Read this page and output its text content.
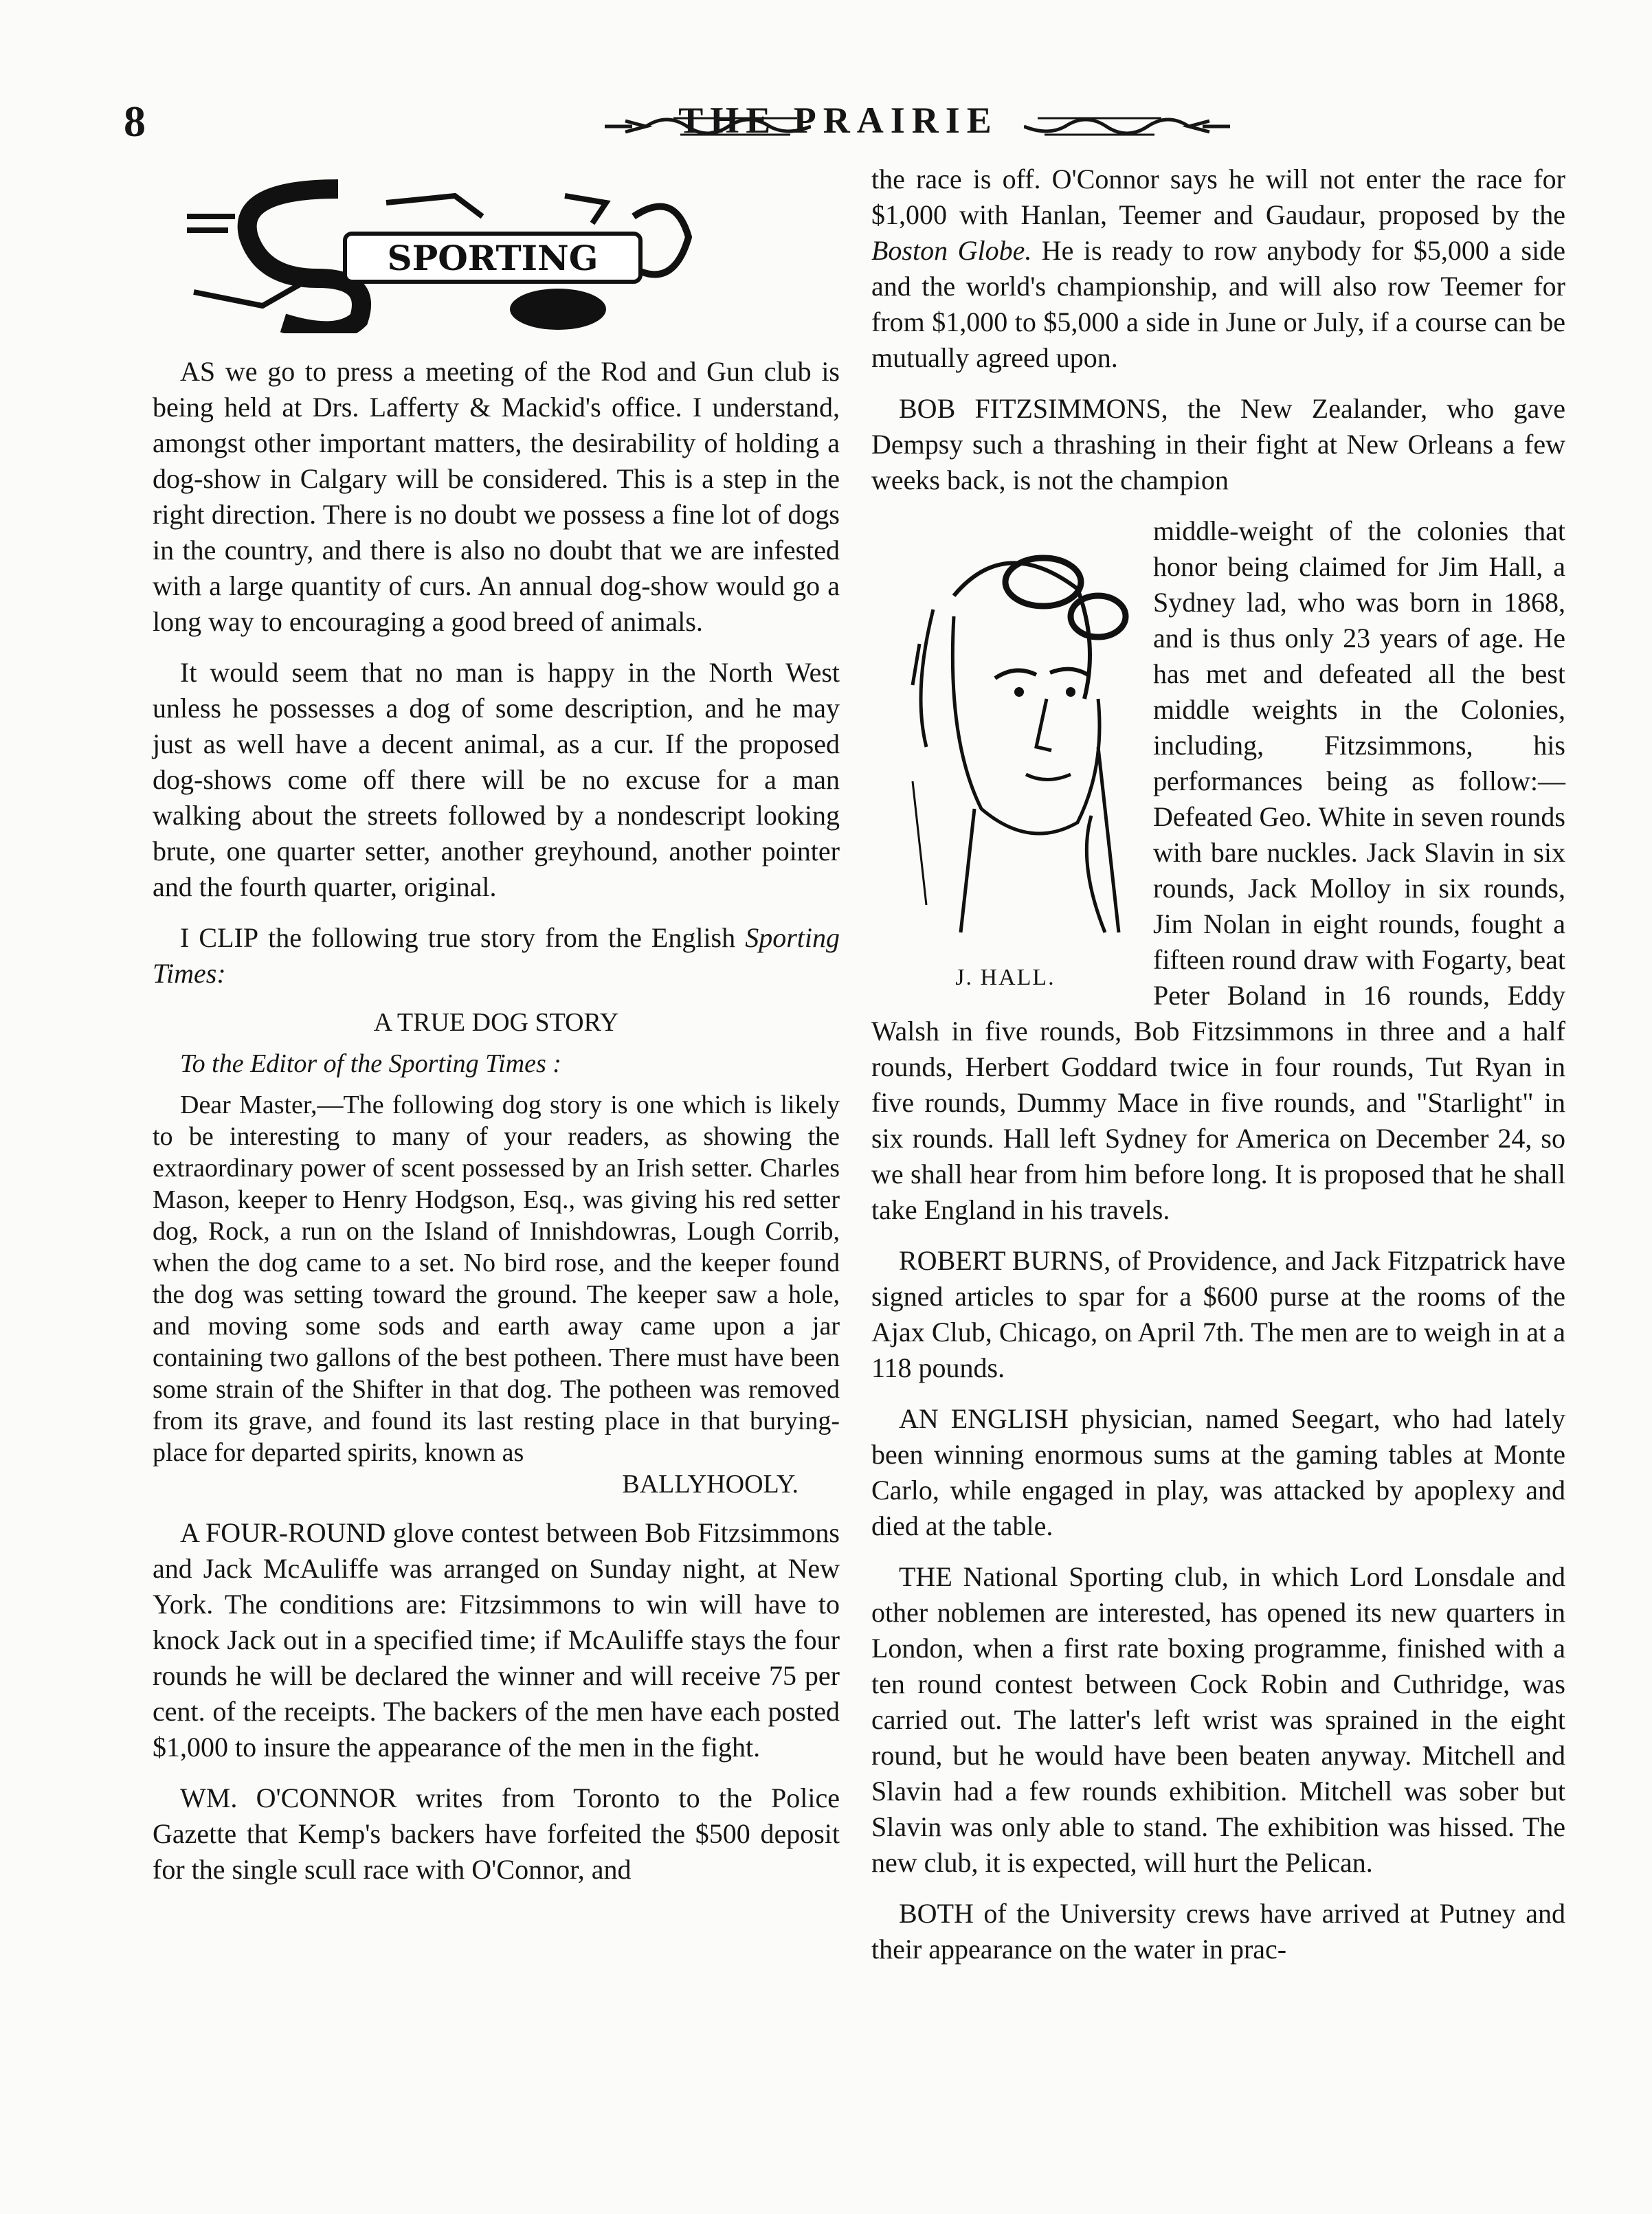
8	THE PRAIRIE
SPORTING

AS we go to press a meeting of the Rod and Gun club is being held at Drs. Lafferty & Mackid's office. I understand, amongst other important matters, the desirability of holding a dog-show in Calgary will be considered. This is a step in the right direction. There is no doubt we possess a fine lot of dogs in the country, and there is also no doubt that we are infested with a large quantity of curs. An annual dog-show would go a long way to encouraging a good breed of animals.

It would seem that no man is happy in the North West unless he possesses a dog of some description, and he may just as well have a decent animal, as a cur. If the proposed dog-shows come off there will be no excuse for a man walking about the streets followed by a nondescript looking brute, one quarter setter, another greyhound, another pointer and the fourth quarter, original.

I CLIP the following true story from the English Sporting Times:

A TRUE DOG STORY

To the Editor of the Sporting Times :

Dear Master,—The following dog story is one which is likely to be interesting to many of your readers, as showing the extraordinary power of scent possessed by an Irish setter. Charles Mason, keeper to Henry Hodgson, Esq., was giving his red setter dog, Rock, a run on the Island of Innishdowras, Lough Corrib, when the dog came to a set. No bird rose, and the keeper found the dog was setting toward the ground. The keeper saw a hole, and moving some sods and earth away came upon a jar containing two gallons of the best potheen. There must have been some strain of the Shifter in that dog. The potheen was removed from its grave, and found its last resting place in that burying-place for departed spirits, known as

BALLYHOOLY.

A FOUR-ROUND glove contest between Bob Fitzsimmons and Jack McAuliffe was arranged on Sunday night, at New York. The conditions are: Fitzsimmons to win will have to knock Jack out in a specified time; if McAuliffe stays the four rounds he will be declared the winner and will receive 75 per cent. of the receipts. The backers of the men have each posted $1,000 to insure the appearance of the men in the fight.

WM. O'CONNOR writes from Toronto to the Police Gazette that Kemp's backers have forfeited the $500 deposit for the single scull race with O'Connor, and

the race is off. O'Connor says he will not enter the race for $1,000 with Hanlan, Teemer and Gaudaur, proposed by the Boston Globe. He is ready to row anybody for $5,000 a side and the world's championship, and will also row Teemer for from $1,000 to $5,000 a side in June or July, if a course can be mutually agreed upon.

BOB FITZSIMMONS, the New Zealander, who gave Dempsy such a thrashing in their fight at New Orleans a few weeks back, is not the champion

J. HALL.

middle-weight of the colonies that honor being claimed for Jim Hall, a Sydney lad, who was born in 1868, and is thus only 23 years of age. He has met and defeated all the best middle weights in the Colonies, including, Fitzsimmons, his performances being as follow:—Defeated Geo. White in seven rounds with bare nuckles. Jack Slavin in six rounds, Jack Molloy in six rounds, Jim Nolan in eight rounds, fought a fifteen round draw with Fogarty, beat Peter Boland in 16 rounds, Eddy Walsh in five rounds, Bob Fitzsimmons in three and a half rounds, Herbert Goddard twice in four rounds, Tut Ryan in five rounds, Dummy Mace in five rounds, and "Starlight" in six rounds. Hall left Sydney for America on December 24, so we shall hear from him before long. It is proposed that he shall take England in his travels.

ROBERT BURNS, of Providence, and Jack Fitzpatrick have signed articles to spar for a $600 purse at the rooms of the Ajax Club, Chicago, on April 7th. The men are to weigh in at a 118 pounds.

AN ENGLISH physician, named Seegart, who had lately been winning enormous sums at the gaming tables at Monte Carlo, while engaged in play, was attacked by apoplexy and died at the table.

THE National Sporting club, in which Lord Lonsdale and other noblemen are interested, has opened its new quarters in London, when a first rate boxing programme, finished with a ten round contest between Cock Robin and Cuthridge, was carried out. The latter's left wrist was sprained in the eight round, but he would have been beaten anyway. Mitchell and Slavin had a few rounds exhibition. Mitchell was sober but Slavin was only able to stand. The exhibition was hissed. The new club, it is expected, will hurt the Pelican.

BOTH of the University crews have arrived at Putney and their appearance on the water in prac-
